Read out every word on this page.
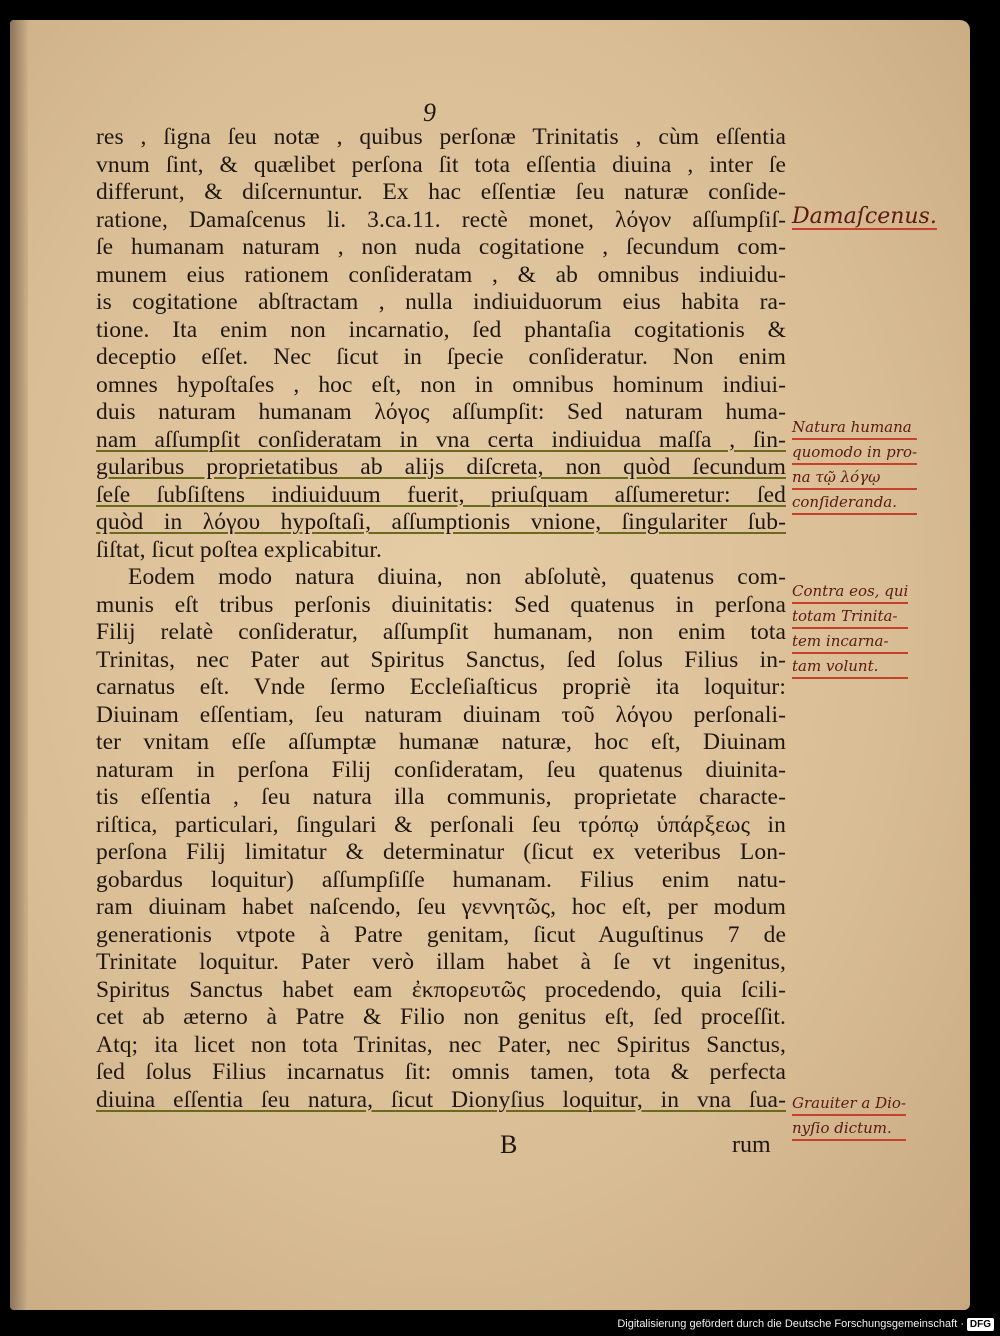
9
res , ſigna ſeu notæ , quibus perſonæ Trinitatis , cùm eſſentia
vnum ſint, & quælibet perſona ſit tota eſſentia diuina , inter ſe
differunt, & diſcernuntur. Ex hac eſſentiæ ſeu naturæ conſide-
ratione, Damaſcenus li. 3.ca.11. rectè monet, λόγον aſſumpſiſ-
ſe humanam naturam , non nuda cogitatione , ſecundum com-
munem eius rationem conſideratam , & ab omnibus indiuidu-
is cogitatione abſtractam , nulla indiuiduorum eius habita ra-
tione. Ita enim non incarnatio, ſed phantaſia cogitationis &
deceptio eſſet. Nec ſicut in ſpecie conſideratur. Non enim
omnes hypoſtaſes , hoc eſt, non in omnibus hominum indiui-
duis naturam humanam λόγος aſſumpſit: Sed naturam huma-
nam aſſumpſit conſideratam in vna certa indiuidua maſſa , ſin-
gularibus proprietatibus ab alijs diſcreta, non quòd ſecundum
ſeſe ſubſiſtens indiuiduum fuerit, priuſquam aſſumeretur: ſed
quòd in λόγου hypoſtaſi, aſſumptionis vnione, ſingulariter ſub-
ſiſtat, ſicut poſtea explicabitur.
Eodem modo natura diuina, non abſolutè, quatenus com-
munis eſt tribus perſonis diuinitatis: Sed quatenus in perſona
Filij relatè conſideratur, aſſumpſit humanam, non enim tota
Trinitas, nec Pater aut Spiritus Sanctus, ſed ſolus Filius in-
carnatus eſt. Vnde ſermo Eccleſiaſticus propriè ita loquitur:
Diuinam eſſentiam, ſeu naturam diuinam τοῦ λόγου perſonali-
ter vnitam eſſe aſſumptæ humanæ naturæ, hoc eſt, Diuinam
naturam in perſona Filij conſideratam, ſeu quatenus diuinita-
tis eſſentia , ſeu natura illa communis, proprietate characte-
riſtica, particulari, ſingulari & perſonali ſeu τρόπῳ ὑπάρξεως in
perſona Filij limitatur & determinatur (ſicut ex veteribus Lon-
gobardus loquitur) aſſumpſiſſe humanam. Filius enim natu-
ram diuinam habet naſcendo, ſeu γεννητῶς, hoc eſt, per modum
generationis vtpote à Patre genitam, ſicut Auguſtinus 7 de
Trinitate loquitur. Pater verò illam habet à ſe vt ingenitus,
Spiritus Sanctus habet eam ἐκπορευτῶς procedendo, quia ſcili-
cet ab æterno à Patre & Filio non genitus eſt, ſed proceſſit.
Atq; ita licet non tota Trinitas, nec Pater, nec Spiritus Sanctus,
ſed ſolus Filius incarnatus ſit: omnis tamen, tota & perfecta
diuina eſſentia ſeu natura, ſicut Dionyſius loquitur, in vna ſua-
B	rum
Damaſcenus.
Natura humana
quomodo in pro-
na τῷ λόγῳ
conſideranda.
Contra eos, qui
totam Trinita-
tem incarna-
tam volunt.
Grauiter a Dio-
nyſio dictum.
Digitalisierung gefördert durch die Deutsche Forschungsgemeinschaft · DFG
